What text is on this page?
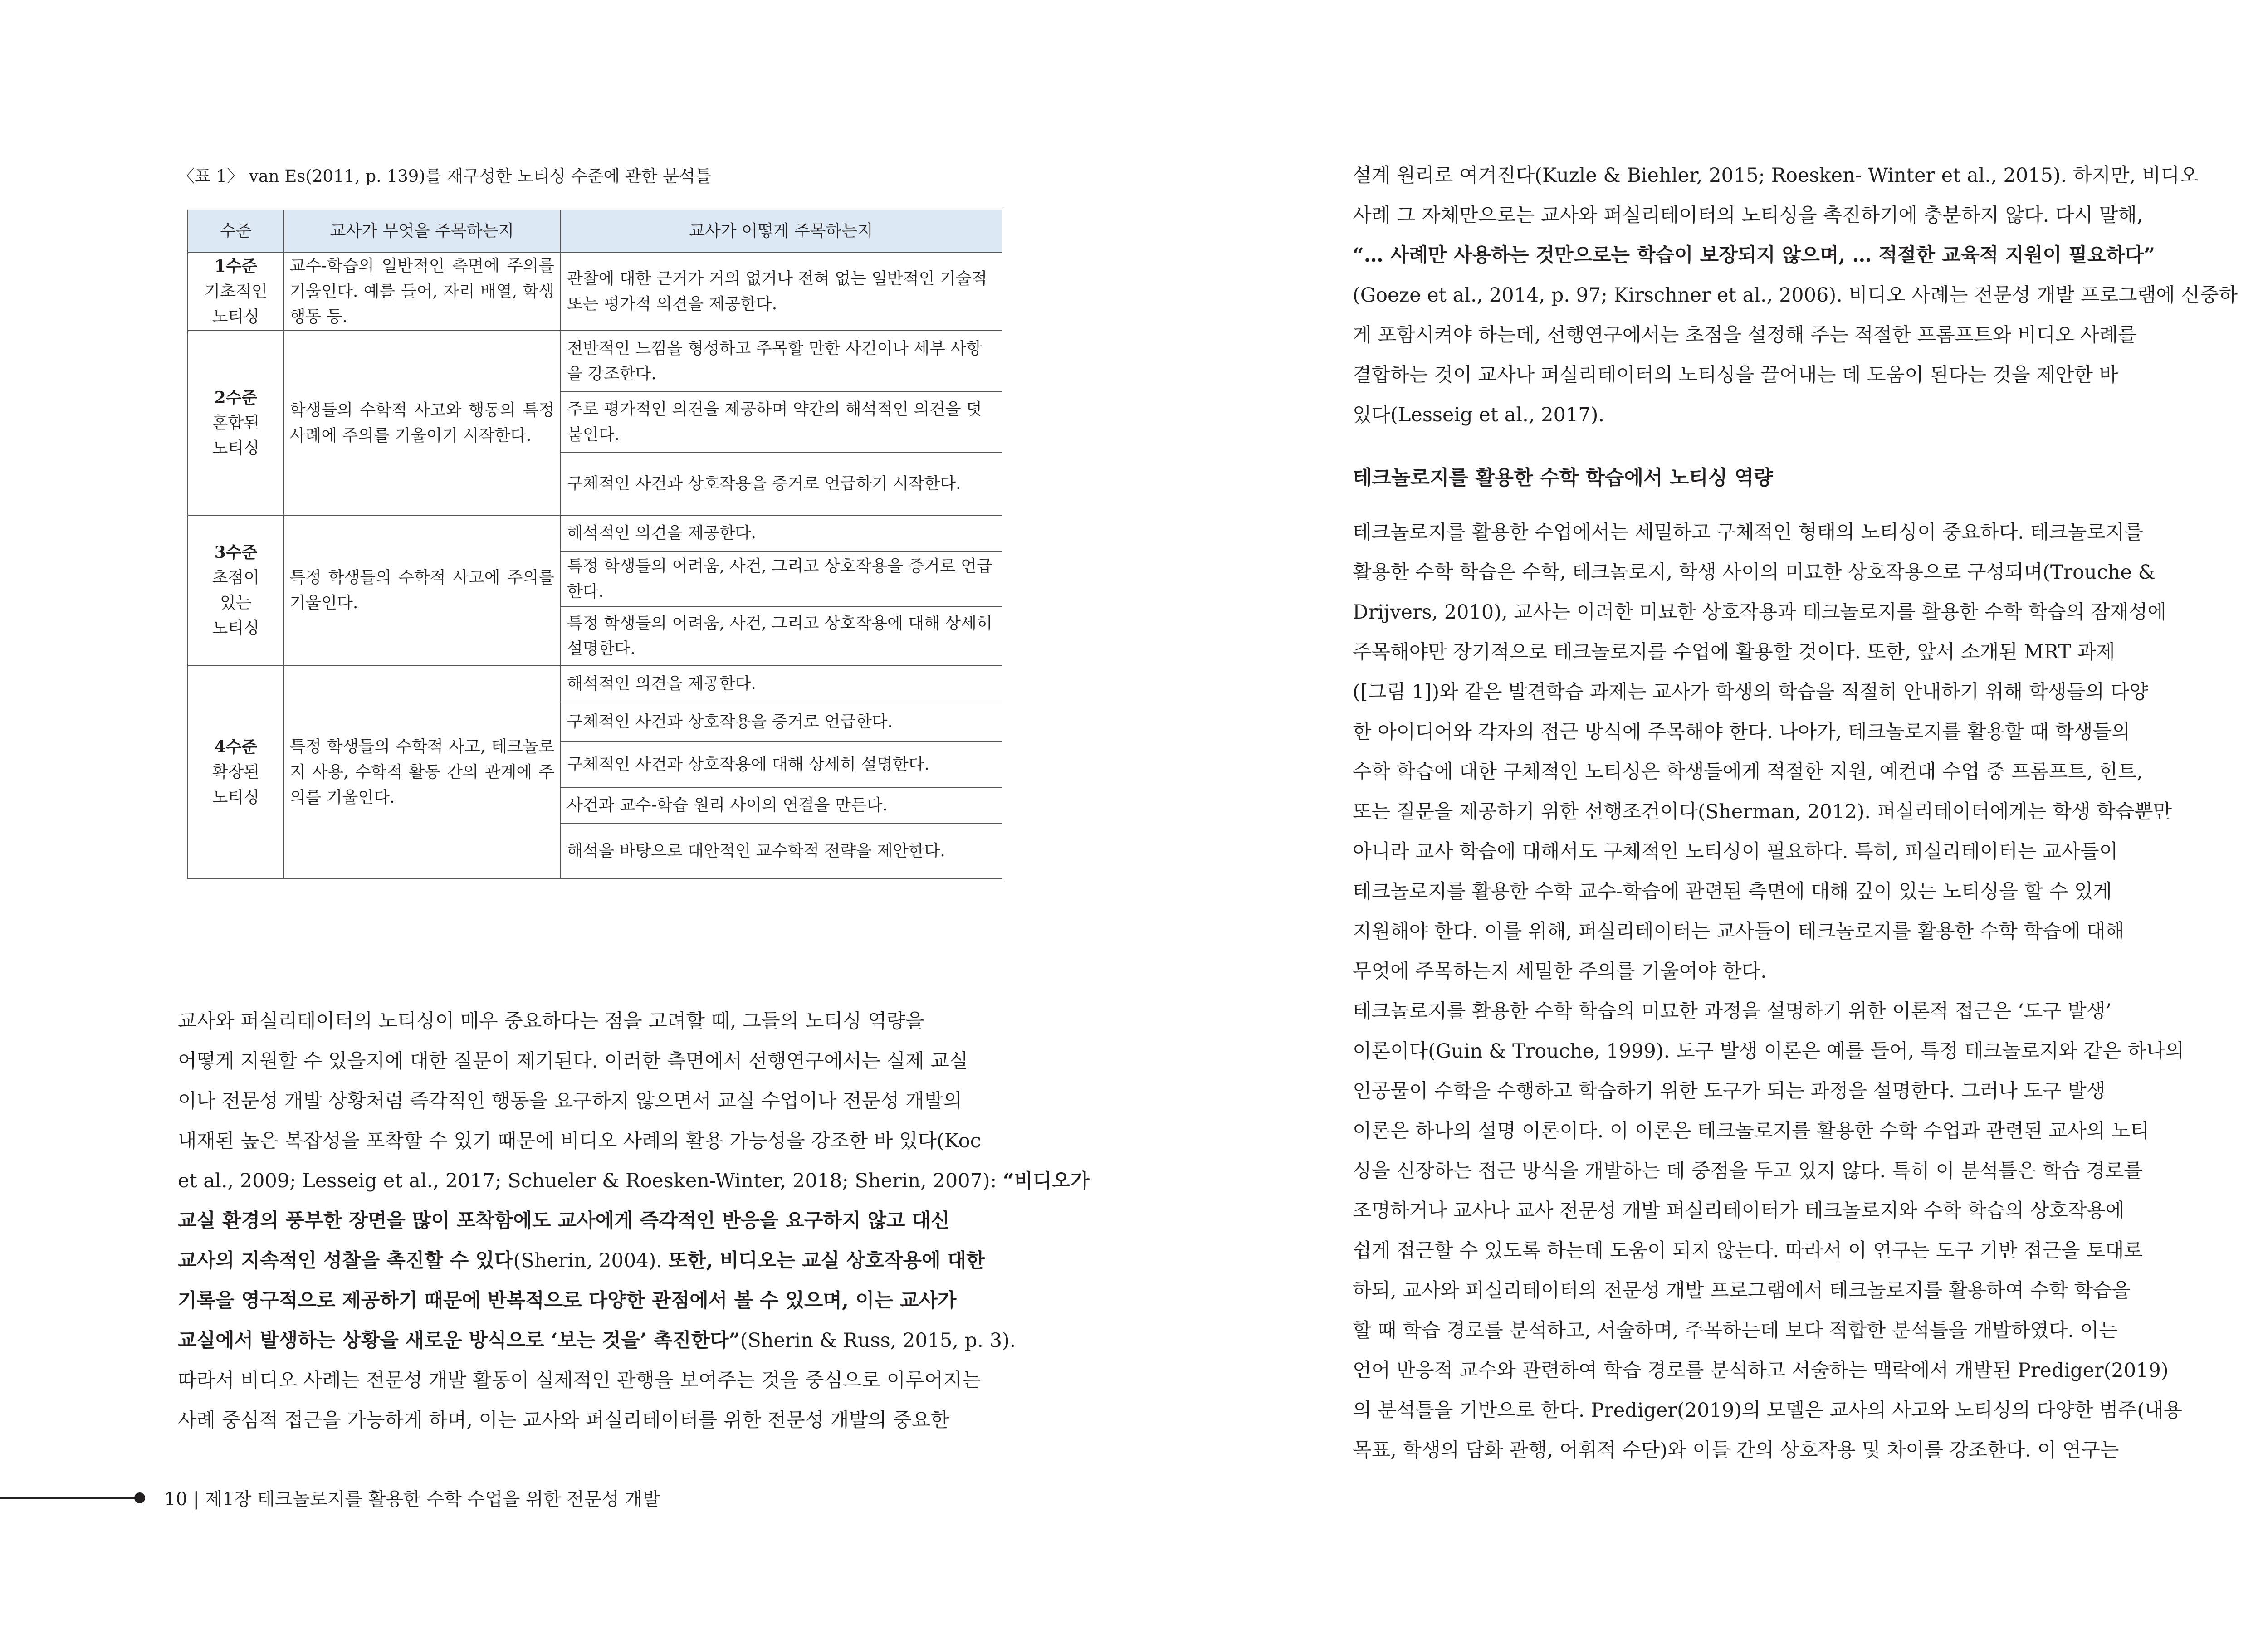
〈표 1〉 van Es(2011, p. 139)를 재구성한 노티싱 수준에 관한 분석틀
수준	교사가 무엇을 주목하는지	교사가 어떻게 주목하는지

1수준
기초적인
노티싱	교수-학습의 일반적인 측면에 주의를 기울인다. 예를 들어, 자리 배열, 학생 행동 등.	관찰에 대한 근거가 거의 없거나 전혀 없는 일반적인 기술적 또는 평가적 의견을 제공한다.

2수준
혼합된
노티싱	학생들의 수학적 사고와 행동의 특정 사례에 주의를 기울이기 시작한다.	전반적인 느낌을 형성하고 주목할 만한 사건이나 세부 사항을 강조한다.
		주로 평가적인 의견을 제공하며 약간의 해석적인 의견을 덧붙인다.
		구체적인 사건과 상호작용을 증거로 언급하기 시작한다.

3수준
초점이
있는
노티싱	특정 학생들의 수학적 사고에 주의를 기울인다.	해석적인 의견을 제공한다.
		특정 학생들의 어려움, 사건, 그리고 상호작용을 증거로 언급한다.
		특정 학생들의 어려움, 사건, 그리고 상호작용에 대해 상세히 설명한다.

4수준
확장된
노티싱	특정 학생들의 수학적 사고, 테크놀로지 사용, 수학적 활동 간의 관계에 주의를 기울인다.	해석적인 의견을 제공한다.
		구체적인 사건과 상호작용을 증거로 언급한다.
		구체적인 사건과 상호작용에 대해 상세히 설명한다.
		사건과 교수-학습 원리 사이의 연결을 만든다.
		해석을 바탕으로 대안적인 교수학적 전략을 제안한다.
교사와 퍼실리테이터의 노티싱이 매우 중요하다는 점을 고려할 때, 그들의 노티싱 역량을
어떻게 지원할 수 있을지에 대한 질문이 제기된다. 이러한 측면에서 선행연구에서는 실제 교실
이나 전문성 개발 상황처럼 즉각적인 행동을 요구하지 않으면서 교실 수업이나 전문성 개발의
내재된 높은 복잡성을 포착할 수 있기 때문에 비디오 사례의 활용 가능성을 강조한 바 있다(Koc
et al., 2009; Lesseig et al., 2017; Schueler & Roesken-Winter, 2018; Sherin, 2007): “비디오가
교실 환경의 풍부한 장면을 많이 포착함에도 교사에게 즉각적인 반응을 요구하지 않고 대신
교사의 지속적인 성찰을 촉진할 수 있다(Sherin, 2004). 또한, 비디오는 교실 상호작용에 대한
기록을 영구적으로 제공하기 때문에 반복적으로 다양한 관점에서 볼 수 있으며, 이는 교사가
교실에서 발생하는 상황을 새로운 방식으로 ‘보는 것을’ 촉진한다”(Sherin & Russ, 2015, p. 3).
따라서 비디오 사례는 전문성 개발 활동이 실제적인 관행을 보여주는 것을 중심으로 이루어지는
사례 중심적 접근을 가능하게 하며, 이는 교사와 퍼실리테이터를 위한 전문성 개발의 중요한
10 | 제1장 테크놀로지를 활용한 수학 수업을 위한 전문성 개발
설계 원리로 여겨진다(Kuzle & Biehler, 2015; Roesken- Winter et al., 2015). 하지만, 비디오
사례 그 자체만으로는 교사와 퍼실리테이터의 노티싱을 촉진하기에 충분하지 않다. 다시 말해,
“… 사례만 사용하는 것만으로는 학습이 보장되지 않으며, … 적절한 교육적 지원이 필요하다”
(Goeze et al., 2014, p. 97; Kirschner et al., 2006). 비디오 사례는 전문성 개발 프로그램에 신중하
게 포함시켜야 하는데, 선행연구에서는 초점을 설정해 주는 적절한 프롬프트와 비디오 사례를
결합하는 것이 교사나 퍼실리테이터의 노티싱을 끌어내는 데 도움이 된다는 것을 제안한 바
있다(Lesseig et al., 2017).
테크놀로지를 활용한 수학 학습에서 노티싱 역량
테크놀로지를 활용한 수업에서는 세밀하고 구체적인 형태의 노티싱이 중요하다. 테크놀로지를
활용한 수학 학습은 수학, 테크놀로지, 학생 사이의 미묘한 상호작용으로 구성되며(Trouche &
Drijvers, 2010), 교사는 이러한 미묘한 상호작용과 테크놀로지를 활용한 수학 학습의 잠재성에
주목해야만 장기적으로 테크놀로지를 수업에 활용할 것이다. 또한, 앞서 소개된 MRT 과제
([그림 1])와 같은 발견학습 과제는 교사가 학생의 학습을 적절히 안내하기 위해 학생들의 다양
한 아이디어와 각자의 접근 방식에 주목해야 한다. 나아가, 테크놀로지를 활용할 때 학생들의
수학 학습에 대한 구체적인 노티싱은 학생들에게 적절한 지원, 예컨대 수업 중 프롬프트, 힌트,
또는 질문을 제공하기 위한 선행조건이다(Sherman, 2012). 퍼실리테이터에게는 학생 학습뿐만
아니라 교사 학습에 대해서도 구체적인 노티싱이 필요하다. 특히, 퍼실리테이터는 교사들이
테크놀로지를 활용한 수학 교수-학습에 관련된 측면에 대해 깊이 있는 노티싱을 할 수 있게
지원해야 한다. 이를 위해, 퍼실리테이터는 교사들이 테크놀로지를 활용한 수학 학습에 대해
무엇에 주목하는지 세밀한 주의를 기울여야 한다.
테크놀로지를 활용한 수학 학습의 미묘한 과정을 설명하기 위한 이론적 접근은 ‘도구 발생’
이론이다(Guin & Trouche, 1999). 도구 발생 이론은 예를 들어, 특정 테크놀로지와 같은 하나의
인공물이 수학을 수행하고 학습하기 위한 도구가 되는 과정을 설명한다. 그러나 도구 발생
이론은 하나의 설명 이론이다. 이 이론은 테크놀로지를 활용한 수학 수업과 관련된 교사의 노티
싱을 신장하는 접근 방식을 개발하는 데 중점을 두고 있지 않다. 특히 이 분석틀은 학습 경로를
조명하거나 교사나 교사 전문성 개발 퍼실리테이터가 테크놀로지와 수학 학습의 상호작용에
쉽게 접근할 수 있도록 하는데 도움이 되지 않는다. 따라서 이 연구는 도구 기반 접근을 토대로
하되, 교사와 퍼실리테이터의 전문성 개발 프로그램에서 테크놀로지를 활용하여 수학 학습을
할 때 학습 경로를 분석하고, 서술하며, 주목하는데 보다 적합한 분석틀을 개발하였다. 이는
언어 반응적 교수와 관련하여 학습 경로를 분석하고 서술하는 맥락에서 개발된 Prediger(2019)
의 분석틀을 기반으로 한다. Prediger(2019)의 모델은 교사의 사고와 노티싱의 다양한 범주(내용
목표, 학생의 담화 관행, 어휘적 수단)와 이들 간의 상호작용 및 차이를 강조한다. 이 연구는
